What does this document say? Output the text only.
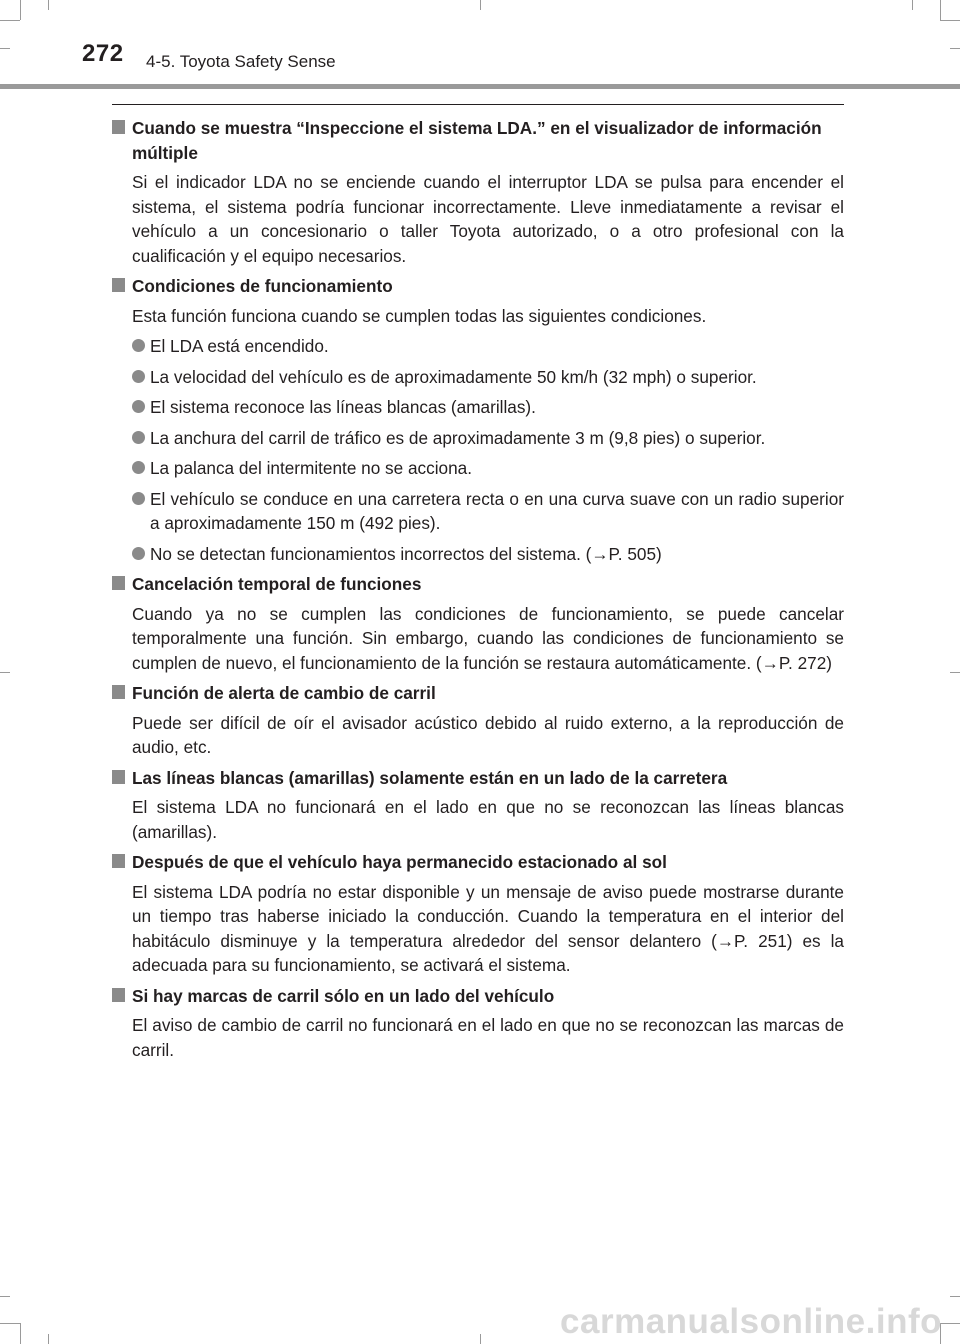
272 4-5. Toyota Safety Sense
Cuando se muestra “Inspeccione el sistema LDA.” en el visualizador de información múltiple
Si el indicador LDA no se enciende cuando el interruptor LDA se pulsa para encender el sistema, el sistema podría funcionar incorrectamente. Lleve inmediatamente a revisar el vehículo a un concesionario o taller Toyota autorizado, o a otro profesional con la cualificación y el equipo necesarios.
Condiciones de funcionamiento
Esta función funciona cuando se cumplen todas las siguientes condiciones.
El LDA está encendido.
La velocidad del vehículo es de aproximadamente 50 km/h (32 mph) o superior.
El sistema reconoce las líneas blancas (amarillas).
La anchura del carril de tráfico es de aproximadamente 3 m (9,8 pies) o superior.
La palanca del intermitente no se acciona.
El vehículo se conduce en una carretera recta o en una curva suave con un radio superior a aproximadamente 150 m (492 pies).
No se detectan funcionamientos incorrectos del sistema. (→P. 505)
Cancelación temporal de funciones
Cuando ya no se cumplen las condiciones de funcionamiento, se puede cancelar temporalmente una función. Sin embargo, cuando las condiciones de funcionamiento se cumplen de nuevo, el funcionamiento de la función se restaura automáticamente. (→P. 272)
Función de alerta de cambio de carril
Puede ser difícil de oír el avisador acústico debido al ruido externo, a la reproducción de audio, etc.
Las líneas blancas (amarillas) solamente están en un lado de la carretera
El sistema LDA no funcionará en el lado en que no se reconozcan las líneas blancas (amarillas).
Después de que el vehículo haya permanecido estacionado al sol
El sistema LDA podría no estar disponible y un mensaje de aviso puede mostrarse durante un tiempo tras haberse iniciado la conducción. Cuando la temperatura en el interior del habitáculo disminuye y la temperatura alrededor del sensor delantero (→P. 251) es la adecuada para su funcionamiento, se activará el sistema.
Si hay marcas de carril sólo en un lado del vehículo
El aviso de cambio de carril no funcionará en el lado en que no se reconozcan las marcas de carril.
carmanualsonline.info
